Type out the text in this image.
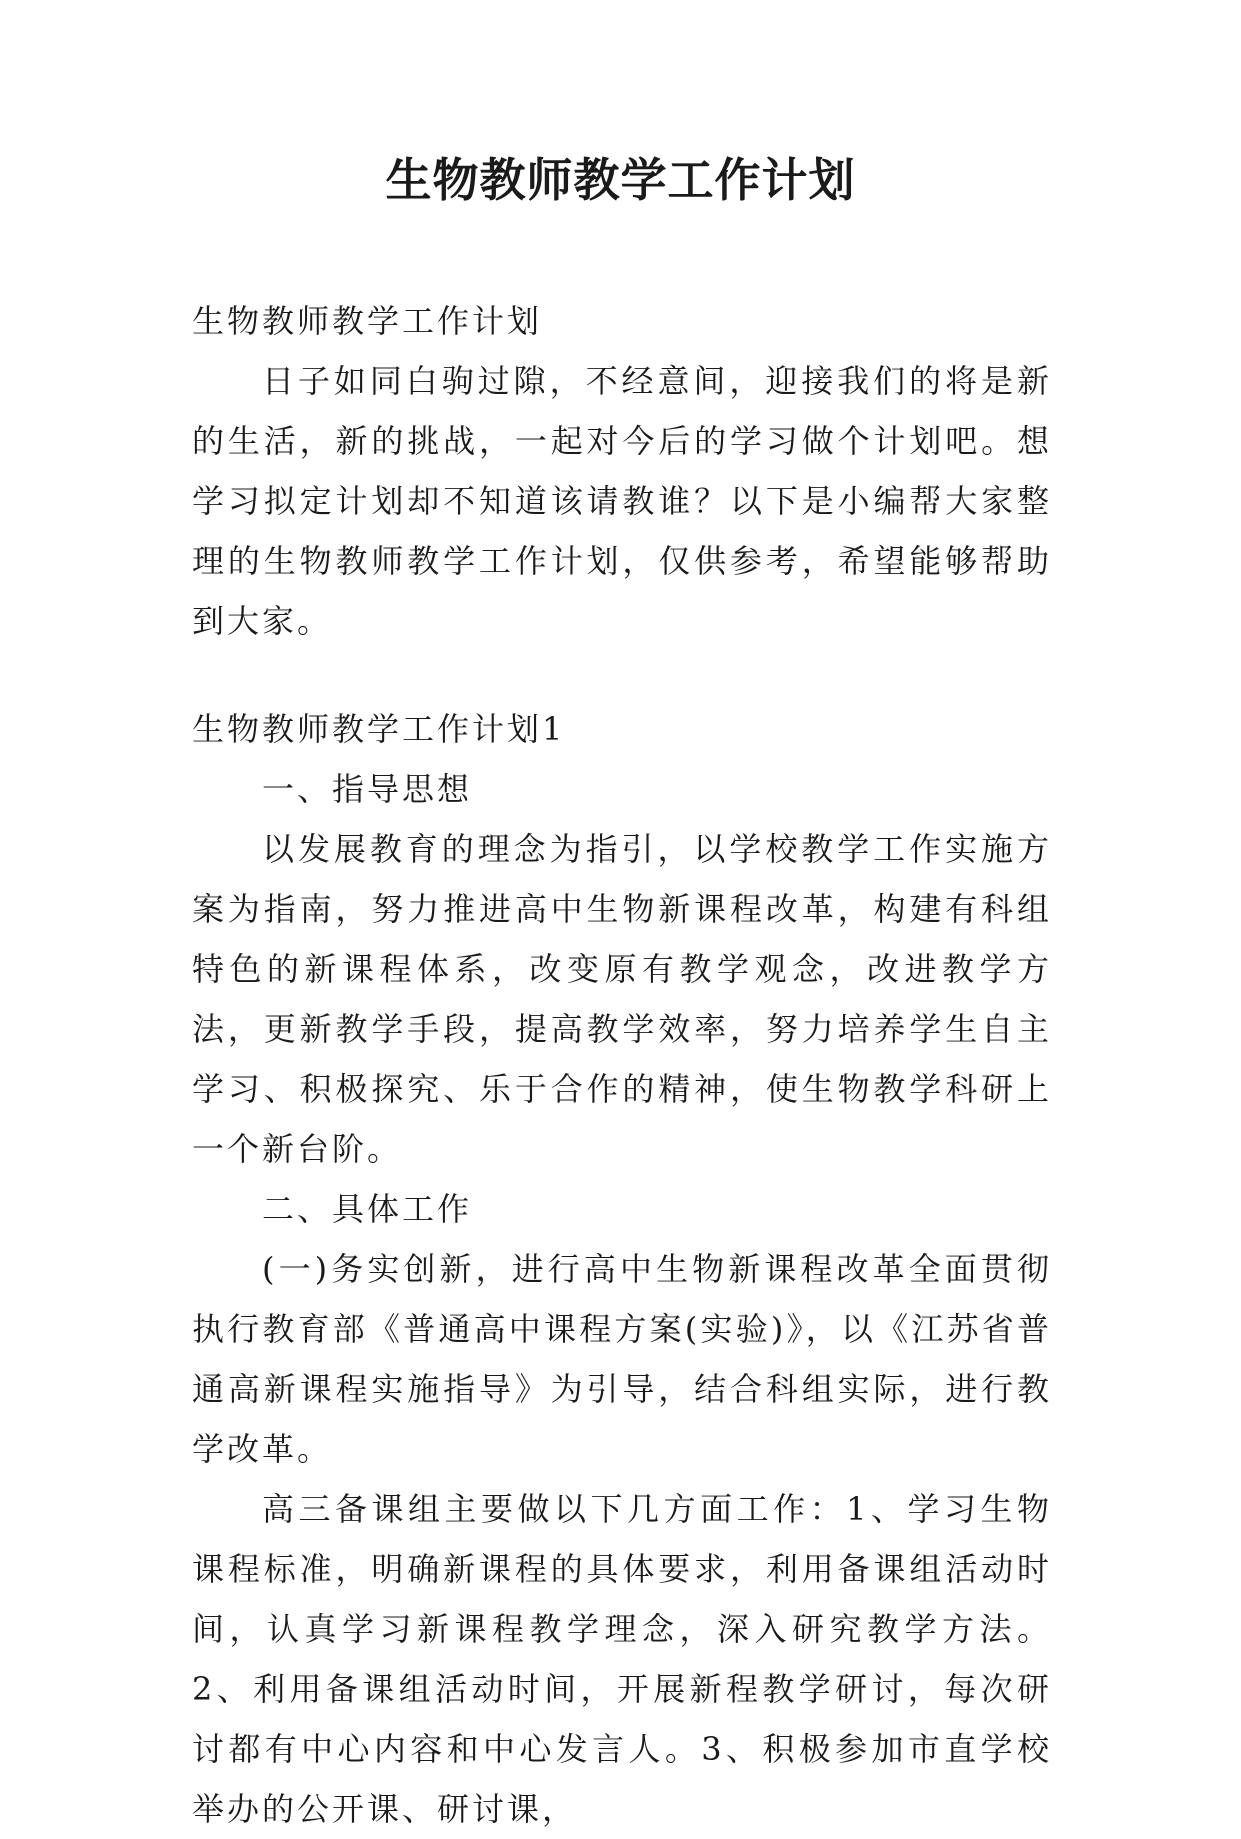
生物教师教学工作计划

生物教师教学工作计划

日子如同白驹过隙，不经意间，迎接我们的将是新的生活，新的挑战，一起对今后的学习做个计划吧。想学习拟定计划却不知道该请教谁？以下是小编帮大家整理的生物教师教学工作计划，仅供参考，希望能够帮助到大家。

生物教师教学工作计划1

一、指导思想

以发展教育的理念为指引，以学校教学工作实施方案为指南，努力推进高中生物新课程改革，构建有科组特色的新课程体系，改变原有教学观念，改进教学方法，更新教学手段，提高教学效率，努力培养学生自主学习、积极探究、乐于合作的精神，使生物教学科研上一个新台阶。

二、具体工作

(一)务实创新，进行高中生物新课程改革全面贯彻执行教育部《普通高中课程方案(实验)》，以《江苏省普通高新课程实施指导》为引导，结合科组实际，进行教学改革。

高三备课组主要做以下几方面工作：1、学习生物课程标准，明确新课程的具体要求，利用备课组活动时间，认真学习新课程教学理念，深入研究教学方法。2、利用备课组活动时间，开展新程教学研讨，每次研讨都有中心内容和中心发言人。3、积极参加市直学校举办的公开课、研讨课，
